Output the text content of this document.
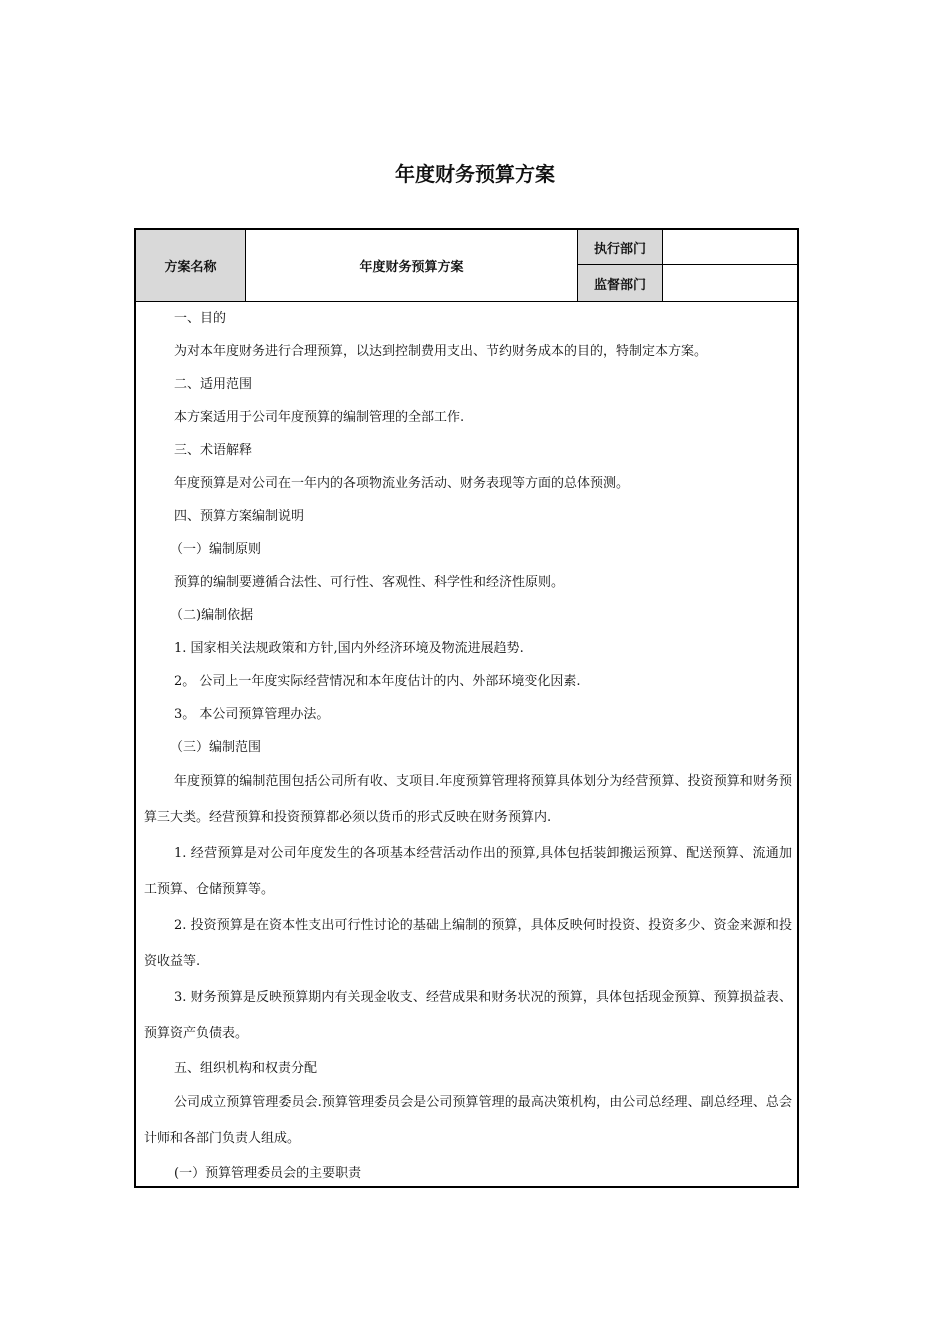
年度财务预算方案
方案名称	年度财务预算方案
执行部门
监督部门

一、目的

为对本年度财务进行合理预算，以达到控制费用支出、节约财务成本的目的，特制定本方案。

二、适用范围

本方案适用于公司年度预算的编制管理的全部工作.

三、术语解释

年度预算是对公司在一年内的各项物流业务活动、财务表现等方面的总体预测。

四、预算方案编制说明

（一）编制原则

预算的编制要遵循合法性、可行性、客观性、科学性和经济性原则。

（二)编制依据

1. 国家相关法规政策和方针,国内外经济环境及物流进展趋势.

2。 公司上一年度实际经营情况和本年度估计的内、外部环境变化因素.

3。 本公司预算管理办法。

（三）编制范围

年度预算的编制范围包括公司所有收、支项目.年度预算管理将预算具体划分为经营预算、投资预算和财务预算三大类。经营预算和投资预算都必须以货币的形式反映在财务预算内.

1. 经营预算是对公司年度发生的各项基本经营活动作出的预算,具体包括装卸搬运预算、配送预算、流通加工预算、仓储预算等。

2. 投资预算是在资本性支出可行性讨论的基础上编制的预算，具体反映何时投资、投资多少、资金来源和投资收益等.

3. 财务预算是反映预算期内有关现金收支、经营成果和财务状况的预算，具体包括现金预算、预算损益表、预算资产负债表。

五、组织机构和权责分配

公司成立预算管理委员会.预算管理委员会是公司预算管理的最高决策机构，由公司总经理、副总经理、总会计师和各部门负责人组成。

(一）预算管理委员会的主要职责
